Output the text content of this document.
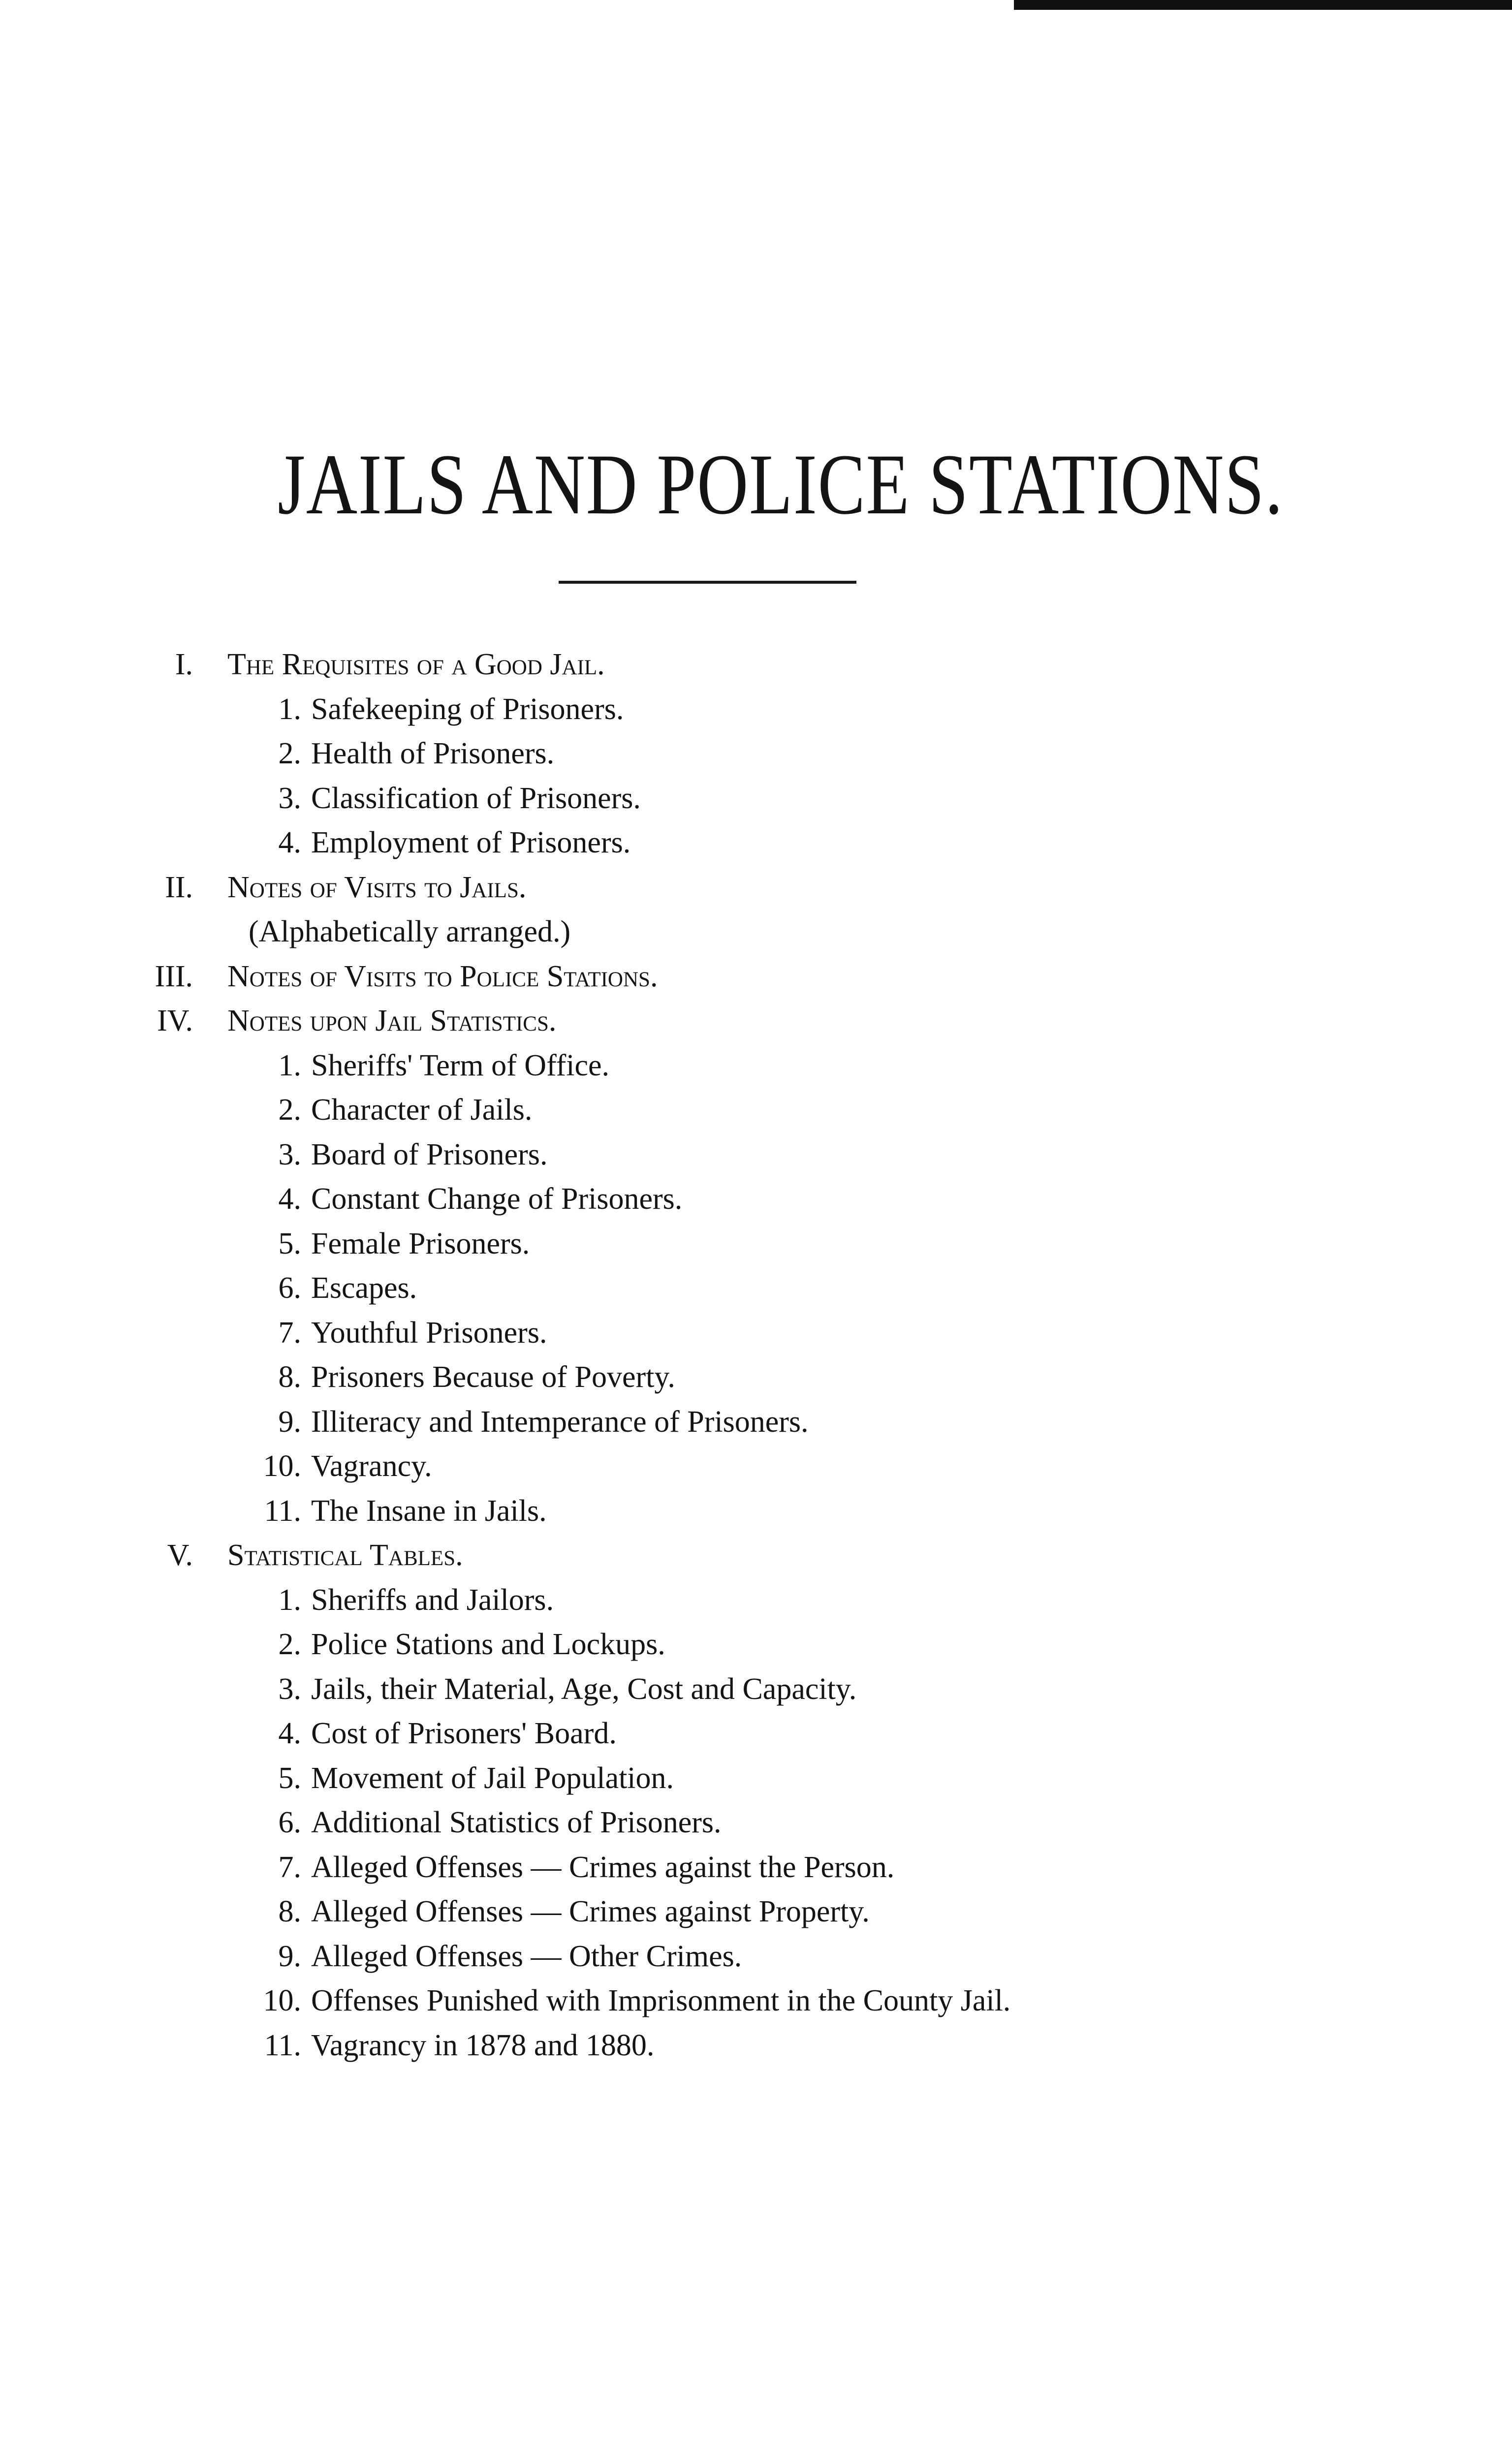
JAILS AND POLICE STATIONS.
I. The Requisites of a Good Jail.
1. Safekeeping of Prisoners.
2. Health of Prisoners.
3. Classification of Prisoners.
4. Employment of Prisoners.
II. Notes of Visits to Jails.
(Alphabetically arranged.)
III. Notes of Visits to Police Stations.
IV. Notes upon Jail Statistics.
1. Sheriffs' Term of Office.
2. Character of Jails.
3. Board of Prisoners.
4. Constant Change of Prisoners.
5. Female Prisoners.
6. Escapes.
7. Youthful Prisoners.
8. Prisoners Because of Poverty.
9. Illiteracy and Intemperance of Prisoners.
10. Vagrancy.
11. The Insane in Jails.
V. Statistical Tables.
1. Sheriffs and Jailors.
2. Police Stations and Lockups.
3. Jails, their Material, Age, Cost and Capacity.
4. Cost of Prisoners' Board.
5. Movement of Jail Population.
6. Additional Statistics of Prisoners.
7. Alleged Offenses — Crimes against the Person.
8. Alleged Offenses — Crimes against Property.
9. Alleged Offenses — Other Crimes.
10. Offenses Punished with Imprisonment in the County Jail.
11. Vagrancy in 1878 and 1880.
